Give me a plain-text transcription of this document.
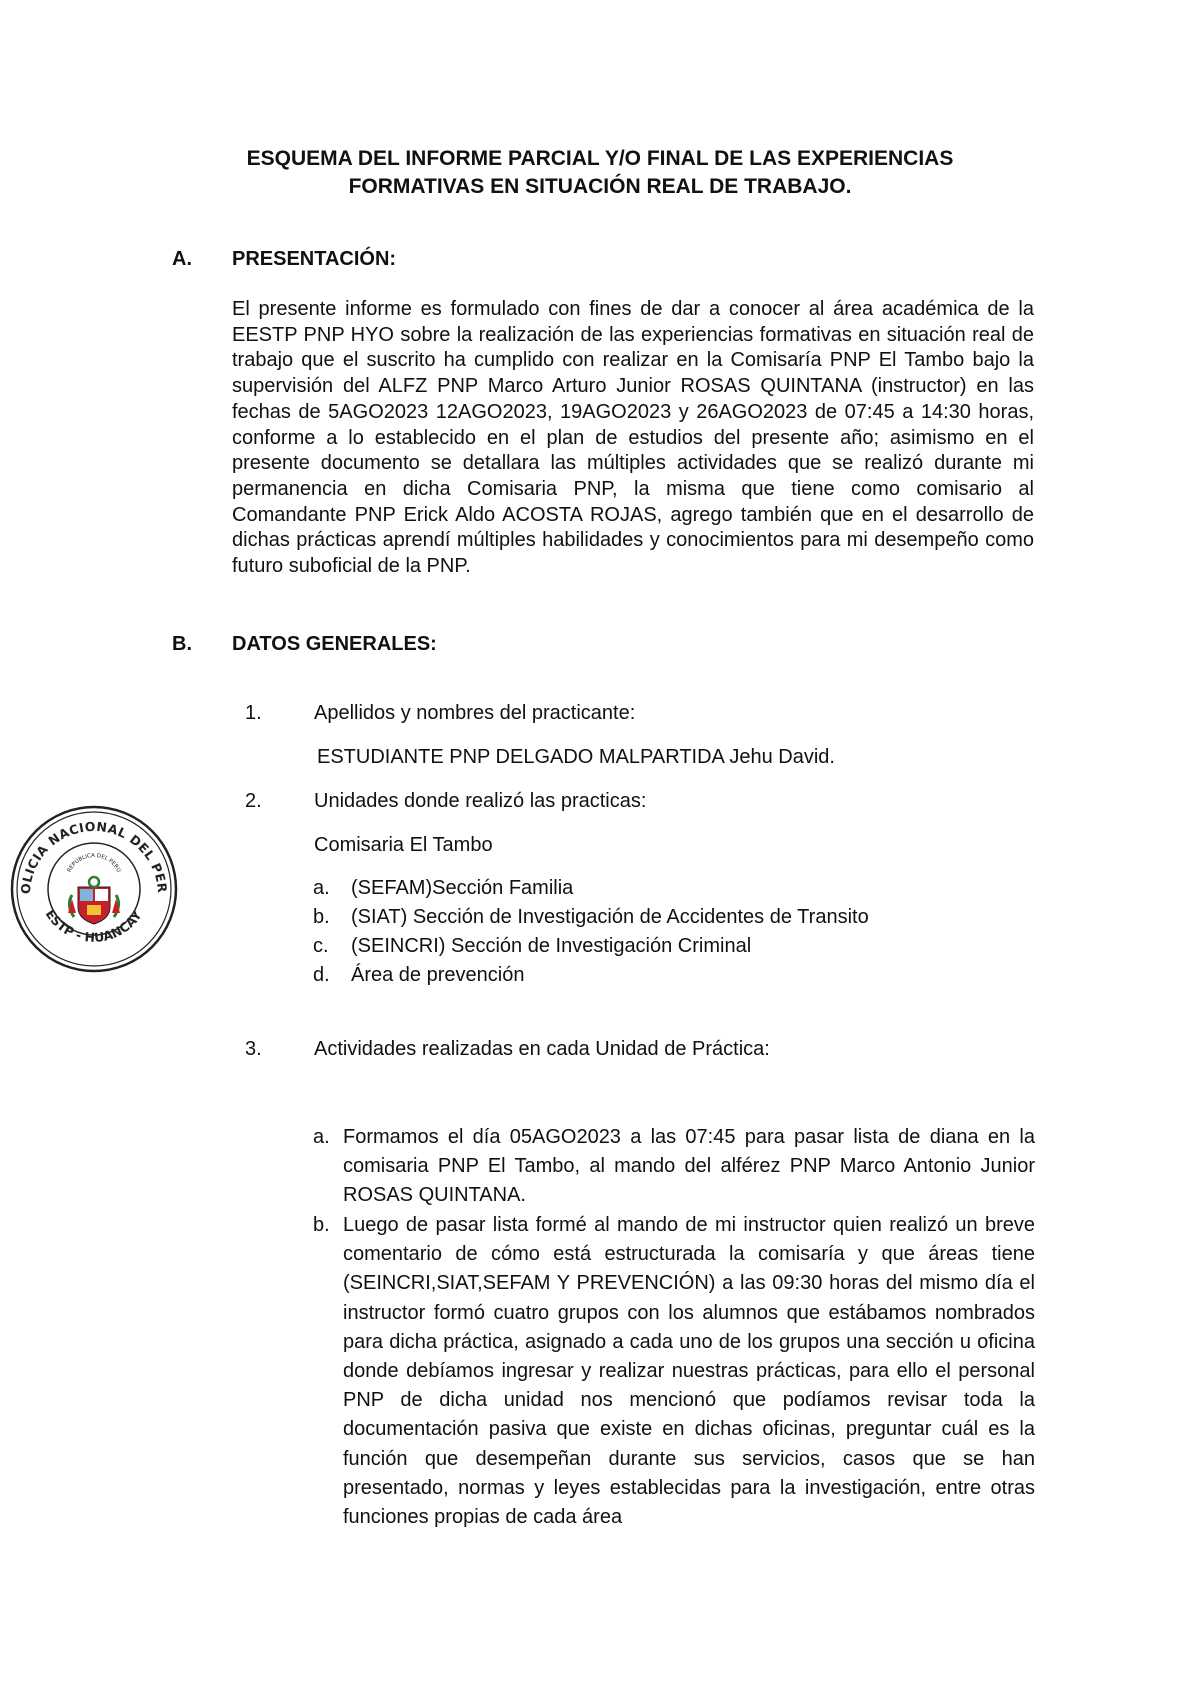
ESQUEMA DEL INFORME PARCIAL Y/O FINAL DE LAS EXPERIENCIAS
FORMATIVAS EN SITUACIÓN REAL DE TRABAJO.
A. PRESENTACIÓN:

El presente informe es formulado con fines de dar a conocer al área académica de la EESTP PNP HYO sobre la realización de las experiencias formativas en situación real de trabajo que el suscrito ha cumplido con realizar en la Comisaría PNP El Tambo bajo la supervisión del ALFZ PNP Marco Arturo Junior ROSAS QUINTANA (instructor) en las fechas de 5AGO2023 12AGO2023, 19AGO2023 y 26AGO2023 de 07:45 a 14:30 horas, conforme a lo establecido en el plan de estudios del presente año; asimismo en el presente documento se detallara las múltiples actividades que se realizó durante mi permanencia en dicha Comisaria PNP, la misma que tiene como comisario al Comandante PNP Erick Aldo ACOSTA ROJAS, agrego también que en el desarrollo de dichas prácticas aprendí múltiples habilidades y conocimientos para mi desempeño como futuro suboficial de la PNP.

B. DATOS GENERALES:
1.	Apellidos y nombres del practicante:
ESTUDIANTE PNP DELGADO MALPARTIDA Jehu David.
2.	Unidades donde realizó las practicas:
Comisaria El Tambo
a. (SEFAM)Sección Familia
b. (SIAT) Sección de Investigación de Accidentes de Transito
c. (SEINCRI) Sección de Investigación Criminal
d. Área de prevención
3.	Actividades realizadas en cada Unidad de Práctica:
a. Formamos el día 05AGO2023 a las 07:45 para pasar lista de diana en la comisaria PNP El Tambo, al mando del alférez PNP Marco Antonio Junior ROSAS QUINTANA.
b. Luego de pasar lista formé al mando de mi instructor quien realizó un breve comentario de cómo está estructurada la comisaría y que áreas tiene (SEINCRI,SIAT,SEFAM Y PREVENCIÓN) a las 09:30 horas del mismo día el instructor formó cuatro grupos con los alumnos que estábamos nombrados para dicha práctica, asignado a cada uno de los grupos una sección u oficina donde debíamos ingresar y realizar nuestras prácticas, para ello el personal PNP de dicha unidad nos mencionó que podíamos revisar toda la documentación pasiva que existe en dichas oficinas, preguntar cuál es la función que desempeñan durante sus servicios, casos que se han presentado, normas y leyes establecidas para la investigación, entre otras funciones propias de cada área
OLICIA NACIONAL DEL PER
ESTP - HUANCAY
REPÚBLICA DEL PERÚ
